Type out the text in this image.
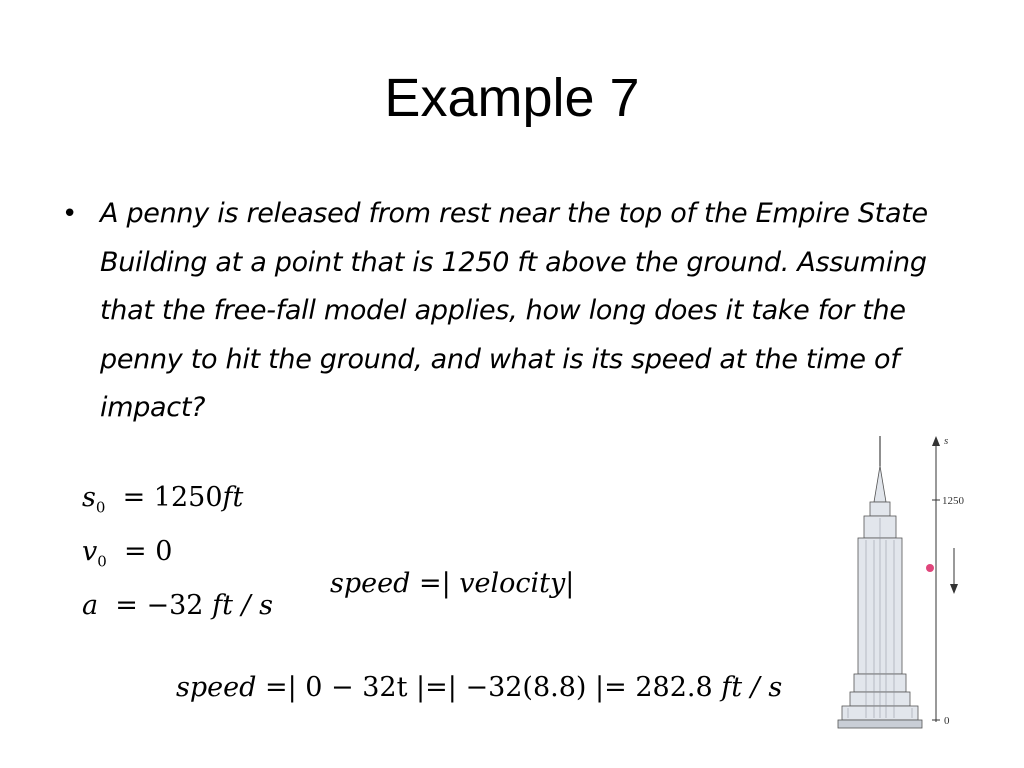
Example 7
• A penny is released from rest near the top of the Empire State Building at a point that is 1250 ft above the ground. Assuming that the free-fall model applies, how long does it take for the penny to hit the ground, and what is its speed at the time of impact?
$s_0 = 1250ft$
$v_0 = 0$
a  = −32 ft / s
speed =| velocity|
speed =| 0 − 32t |=| −32(8.8) |= 282.8 ft / s
s
1250
0
